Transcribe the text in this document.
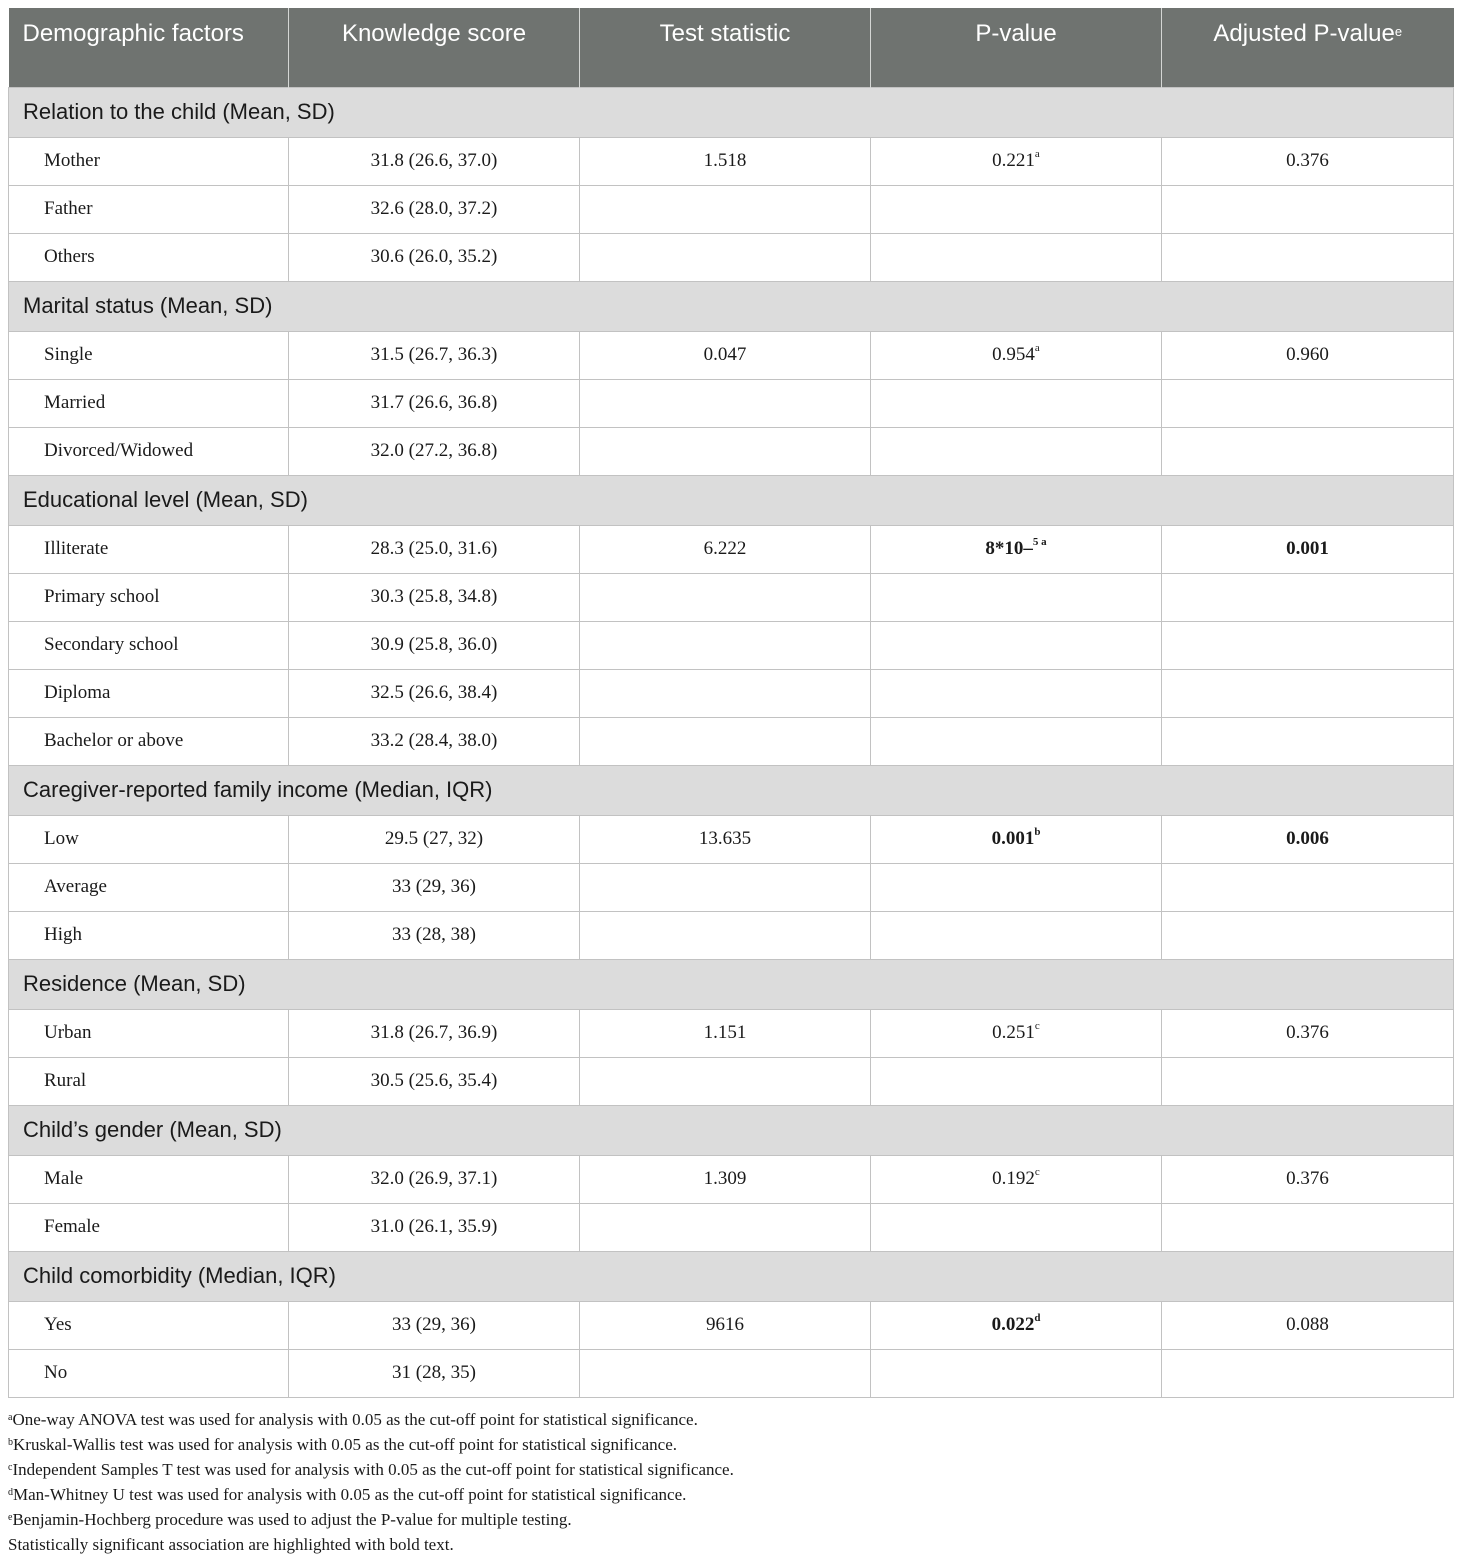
Demographic factors	Knowledge score	Test statistic	P-value	Adjusted P-value$^e$
Relation to the child (Mean, SD)				
Mother	31.8 (26.6, 37.0)	1.518	0.221$^a$	0.376
Father	32.6 (28.0, 37.2)			
Others	30.6 (26.0, 35.2)			
Marital status (Mean, SD)				
Single	31.5 (26.7, 36.3)	0.047	0.954$^a$	0.960
Married	31.7 (26.6, 36.8)			
Divorced/Widowed	32.0 (27.2, 36.8)			
Educational level (Mean, SD)				
Illiterate	28.3 (25.0, 31.6)	6.222	8*10–$^{5 a}$	0.001
Primary school	30.3 (25.8, 34.8)			
Secondary school	30.9 (25.8, 36.0)			
Diploma	32.5 (26.6, 38.4)			
Bachelor or above	33.2 (28.4, 38.0)			
Caregiver-reported family income (Median, IQR)				
Low	29.5 (27, 32)	13.635	0.001$^b$	0.006
Average	33 (29, 36)			
High	33 (28, 38)			
Residence (Mean, SD)				
Urban	31.8 (26.7, 36.9)	1.151	0.251$^c$	0.376
Rural	30.5 (25.6, 35.4)			
Child’s gender (Mean, SD)				
Male	32.0 (26.9, 37.1)	1.309	0.192$^c$	0.376
Female	31.0 (26.1, 35.9)			
Child comorbidity (Median, IQR)				
Yes	33 (29, 36)	9616	0.022$^d$	0.088
No	31 (28, 35)			
$^a$One-way ANOVA test was used for analysis with 0.05 as the cut-off point for statistical significance.
$^b$Kruskal-Wallis test was used for analysis with 0.05 as the cut-off point for statistical significance.
$^c$Independent Samples T test was used for analysis with 0.05 as the cut-off point for statistical significance.
$^d$Man-Whitney U test was used for analysis with 0.05 as the cut-off point for statistical significance.
$^e$Benjamin-Hochberg procedure was used to adjust the P-value for multiple testing.
Statistically significant association are highlighted with bold text.
